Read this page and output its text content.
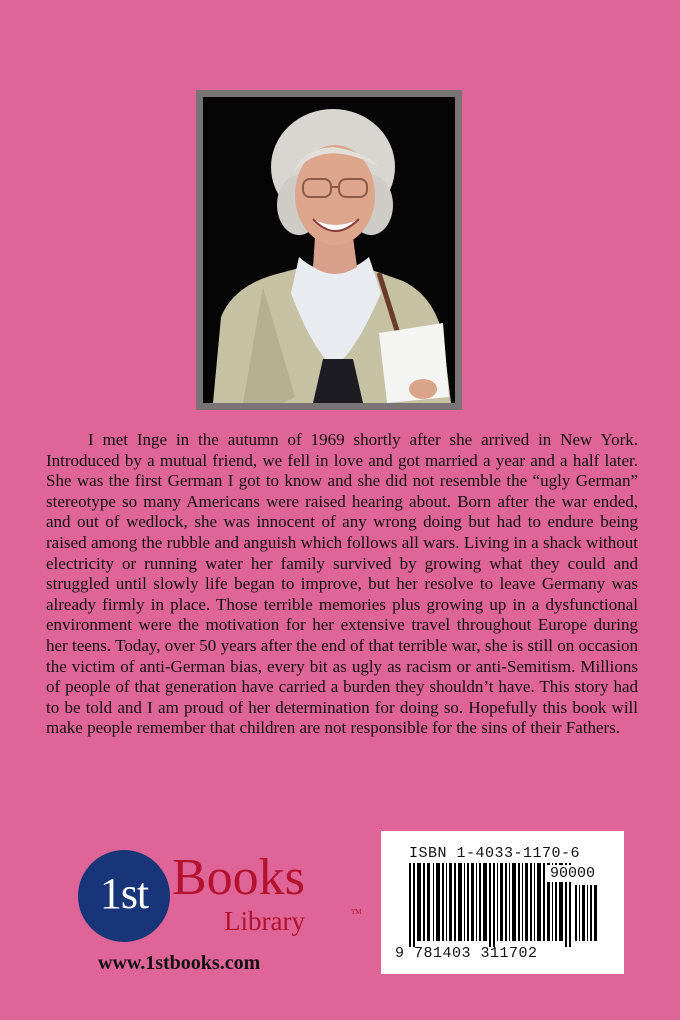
I met Inge in the autumn of 1969 shortly after she arrived in New York. Introduced by a mutual friend, we fell in love and got married a year and a half later. She was the first German I got to know and she did not resemble the “ugly German” stereotype so many Americans were raised hearing about. Born after the war ended, and out of wedlock, she was innocent of any wrong doing but had to endure being raised among the rubble and anguish which follows all wars. Living in a shack without electricity or running water her family survived by growing what they could and struggled until slowly life began to improve, but her resolve to leave Germany was already firmly in place. Those terrible memories plus growing up in a dysfunctional environment were the motivation for her extensive travel throughout Europe during her teens. Today, over 50 years after the end of that terrible war, she is still on occasion the victim of anti-German bias, every bit as ugly as racism or anti-Semitism. Millions of people of that generation have carried a burden they shouldn’t have. This story had to be told and I am proud of her determination for doing so. Hopefully this book will make people remember that children are not responsible for the sins of their Fathers.

1st Books
Library	TM
www.1stbooks.com
ISBN 1-4033-1170-6
90000
9 781403 311702
